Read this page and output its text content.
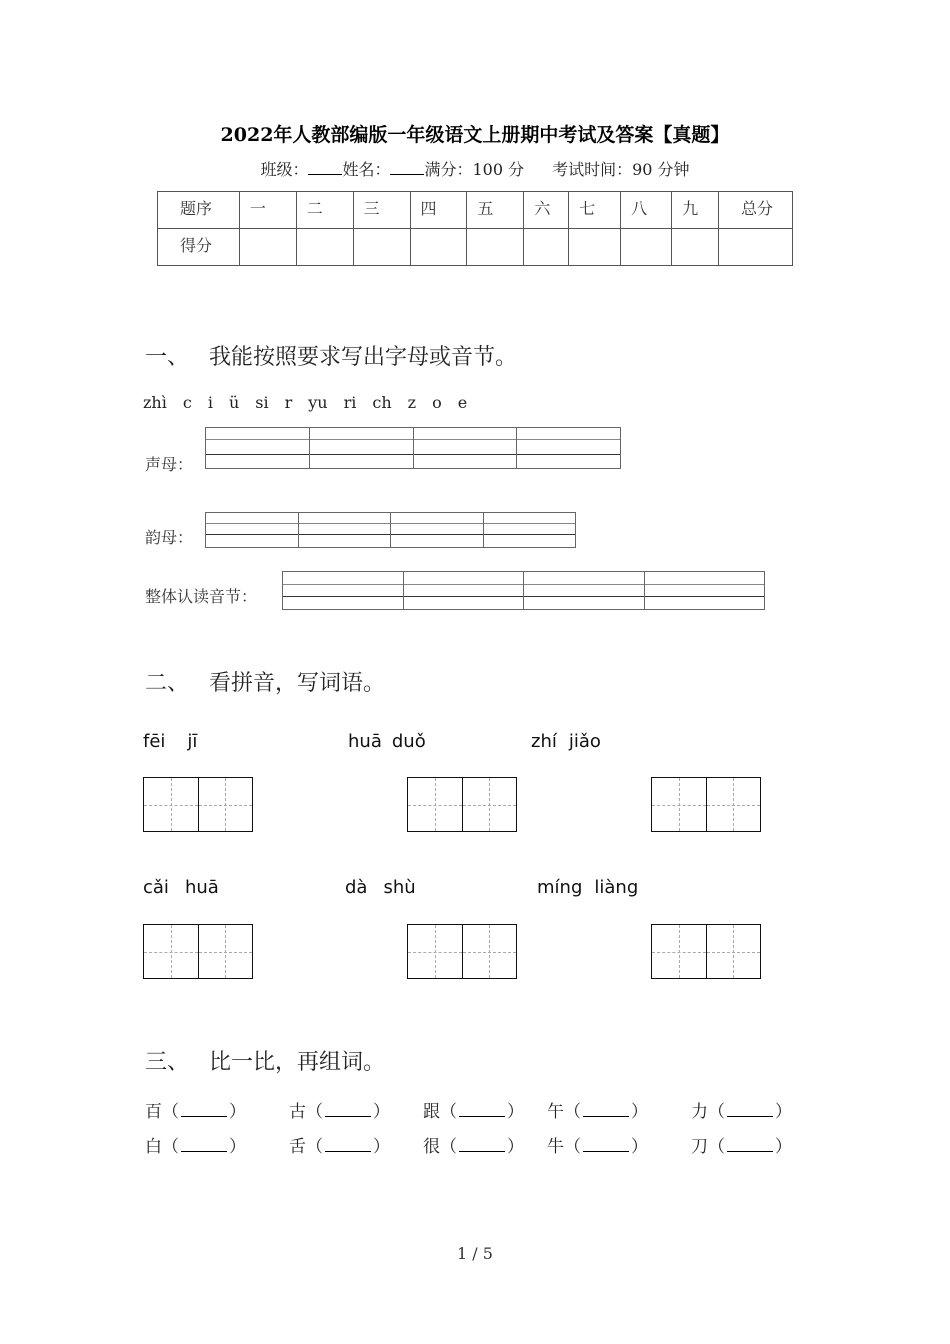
2022年人教部编版一年级语文上册期中考试及答案【真题】
班级： 姓名： 满分：100 分 考试时间：90 分钟
题序	一	二	三	四	五	六	七	八	九	总分
得分										
一、 我能按照要求写出字母或音节。
zhì c i ü si r yu ri ch z o e
声母：
韵母：
整体认读音节：
二、 看拼音，写词语。
fēi jī	huā duǒ	zhí jiǎo
cǎi huā	dà shù	míng liàng
三、 比一比，再组词。
百（	）	古（	） 跟（	） 午（	）	力（	）
白（	）	舌（	） 很（	） 牛（	）	刀（	）
1 / 5
